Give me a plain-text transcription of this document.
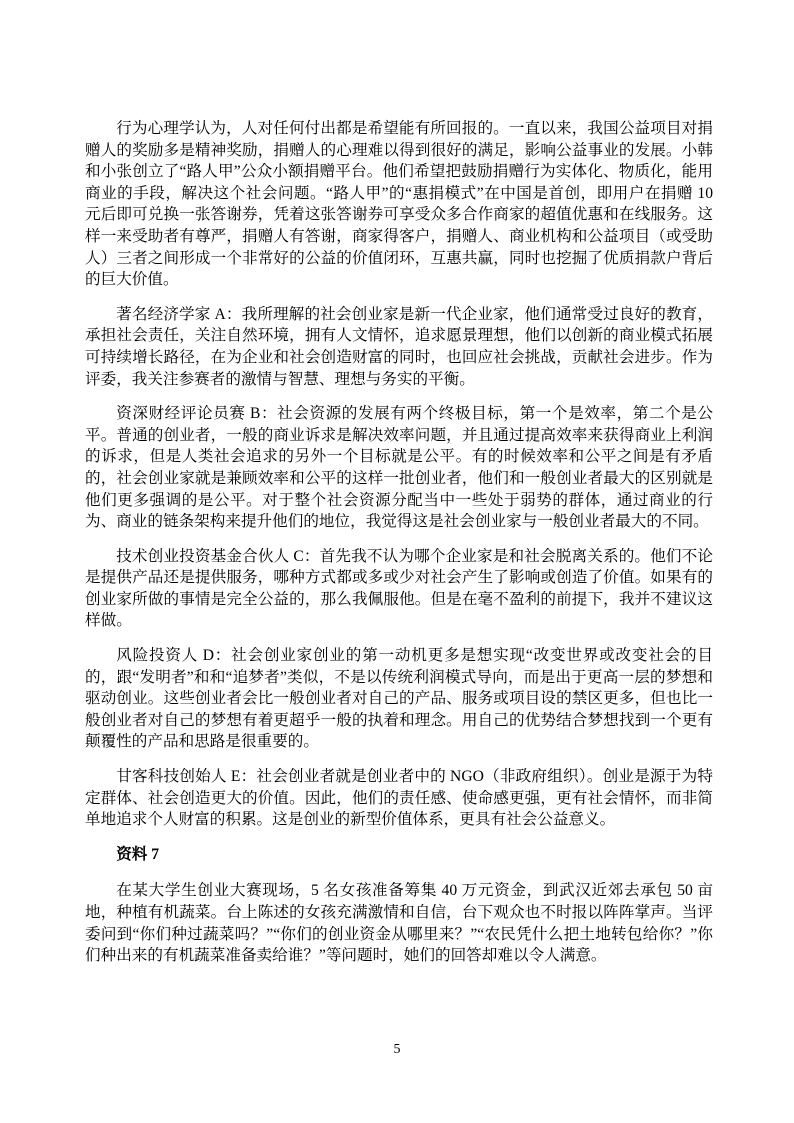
行为心理学认为，人对任何付出都是希望能有所回报的。一直以来，我国公益项目对捐赠人的奖励多是精神奖励，捐赠人的心理难以得到很好的满足，影响公益事业的发展。小韩和小张创立了“路人甲”公众小额捐赠平台。他们希望把鼓励捐赠行为实体化、物质化，能用商业的手段，解决这个社会问题。“路人甲”的“惠捐模式”在中国是首创，即用户在捐赠 10 元后即可兑换一张答谢券，凭着这张答谢券可享受众多合作商家的超值优惠和在线服务。这样一来受助者有尊严，捐赠人有答谢，商家得客户，捐赠人、商业机构和公益项目（或受助人）三者之间形成一个非常好的公益的价值闭环，互惠共赢，同时也挖掘了优质捐款户背后的巨大价值。

著名经济学家 A：我所理解的社会创业家是新一代企业家，他们通常受过良好的教育，承担社会责任，关注自然环境，拥有人文情怀，追求愿景理想，他们以创新的商业模式拓展可持续增长路径，在为企业和社会创造财富的同时，也回应社会挑战，贡献社会进步。作为评委，我关注参赛者的激情与智慧、理想与务实的平衡。

资深财经评论员赛 B：社会资源的发展有两个终极目标，第一个是效率，第二个是公平。普通的创业者，一般的商业诉求是解决效率问题，并且通过提高效率来获得商业上利润的诉求，但是人类社会追求的另外一个目标就是公平。有的时候效率和公平之间是有矛盾的，社会创业家就是兼顾效率和公平的这样一批创业者，他们和一般创业者最大的区别就是他们更多强调的是公平。对于整个社会资源分配当中一些处于弱势的群体，通过商业的行为、商业的链条架构来提升他们的地位，我觉得这是社会创业家与一般创业者最大的不同。

技术创业投资基金合伙人 C：首先我不认为哪个企业家是和社会脱离关系的。他们不论是提供产品还是提供服务，哪种方式都或多或少对社会产生了影响或创造了价值。如果有的创业家所做的事情是完全公益的，那么我佩服他。但是在毫不盈利的前提下，我并不建议这样做。

风险投资人 D：社会创业家创业的第一动机更多是想实现“改变世界或改变社会的目的，跟“发明者”和和“追梦者”类似，不是以传统利润模式导向，而是出于更高一层的梦想和驱动创业。这些创业者会比一般创业者对自己的产品、服务或项目设的禁区更多，但也比一般创业者对自己的梦想有着更超乎一般的执着和理念。用自己的优势结合梦想找到一个更有颠覆性的产品和思路是很重要的。

甘客科技创始人 E：社会创业者就是创业者中的 NGO（非政府组织）。创业是源于为特定群体、社会创造更大的价值。因此，他们的责任感、使命感更强，更有社会情怀，而非简单地追求个人财富的积累。这是创业的新型价值体系，更具有社会公益意义。

资料 7

在某大学生创业大赛现场，5 名女孩准备筹集 40 万元资金，到武汉近郊去承包 50 亩地，种植有机蔬菜。台上陈述的女孩充满激情和自信，台下观众也不时报以阵阵掌声。当评委问到“你们种过蔬菜吗？”“你们的创业资金从哪里来？”“农民凭什么把土地转包给你？”你们种出来的有机蔬菜准备卖给谁？”等问题时，她们的回答却难以令人满意。

5
